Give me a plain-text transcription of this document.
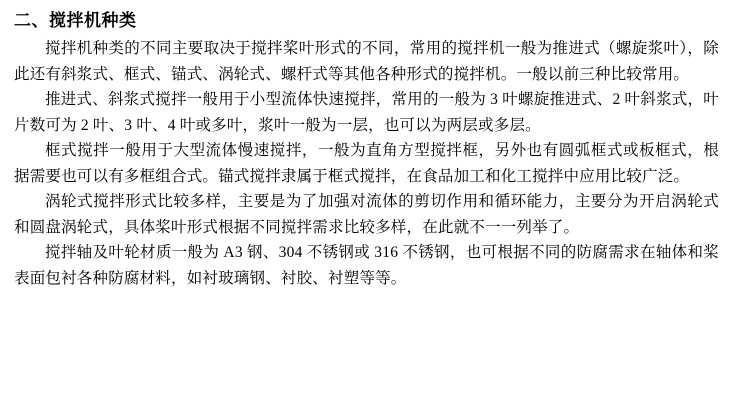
二、搅拌机种类

搅拌机种类的不同主要取决于搅拌桨叶形式的不同，常用的搅拌机一般为推进式（螺旋浆叶），除此还有斜浆式、框式、锚式、涡轮式、螺杆式等其他各种形式的搅拌机。一般以前三种比较常用。

推进式、斜浆式搅拌一般用于小型流体快速搅拌，常用的一般为 3 叶螺旋推进式、2 叶斜浆式，叶片数可为 2 叶、3 叶、4 叶或多叶，浆叶一般为一层，也可以为两层或多层。

框式搅拌一般用于大型流体慢速搅拌，一般为直角方型搅拌框，另外也有圆弧框式或板框式，根据需要也可以有多框组合式。锚式搅拌隶属于框式搅拌，在食品加工和化工搅拌中应用比较广泛。

涡轮式搅拌形式比较多样，主要是为了加强对流体的剪切作用和循环能力，主要分为开启涡轮式和圆盘涡轮式，具体桨叶形式根据不同搅拌需求比较多样，在此就不一一列举了。

搅拌轴及叶轮材质一般为 A3 钢、304 不锈钢或 316 不锈钢，也可根据不同的防腐需求在轴体和桨表面包衬各种防腐材料，如衬玻璃钢、衬胶、衬塑等等。
